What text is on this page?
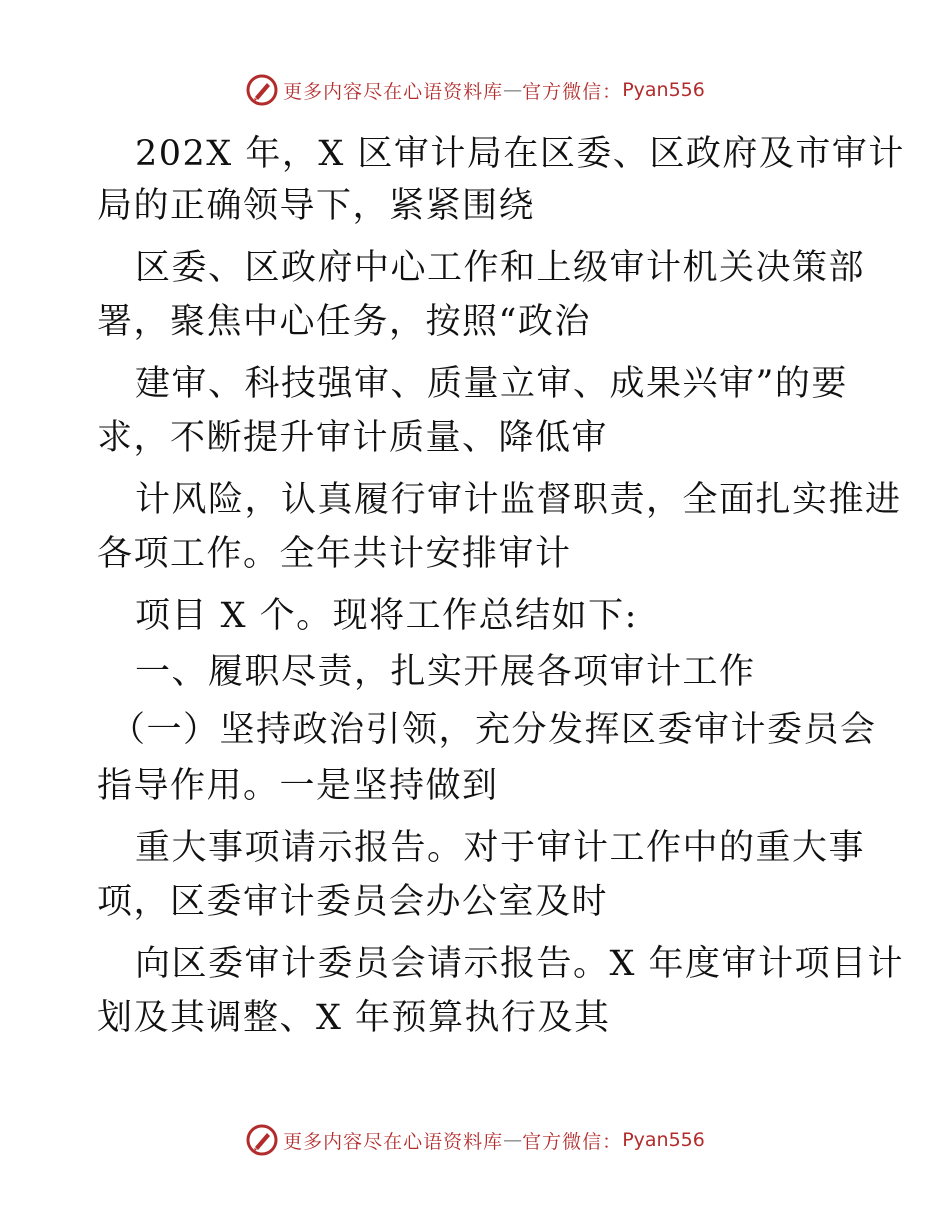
更多内容尽在心语资料库 — 官方微信： Pyan556
202X 年，X 区审计局在区委、区政府及市审计
局的正确领导下，紧紧围绕
区委、区政府中心工作和上级审计机关决策部
署，聚焦中心任务，按照“政治
建审、科技强审、质量立审、成果兴审”的要
求，不断提升审计质量、降低审
计风险，认真履行审计监督职责，全面扎实推进
各项工作。全年共计安排审计
项目 X 个。现将工作总结如下:
一、履职尽责，扎实开展各项审计工作
（一）坚持政治引领，充分发挥区委审计委员会
指导作用。一是坚持做到
重大事项请示报告。对于审计工作中的重大事
项，区委审计委员会办公室及时
向区委审计委员会请示报告。X 年度审计项目计
划及其调整、X 年预算执行及其
更多内容尽在心语资料库 — 官方微信： Pyan556
